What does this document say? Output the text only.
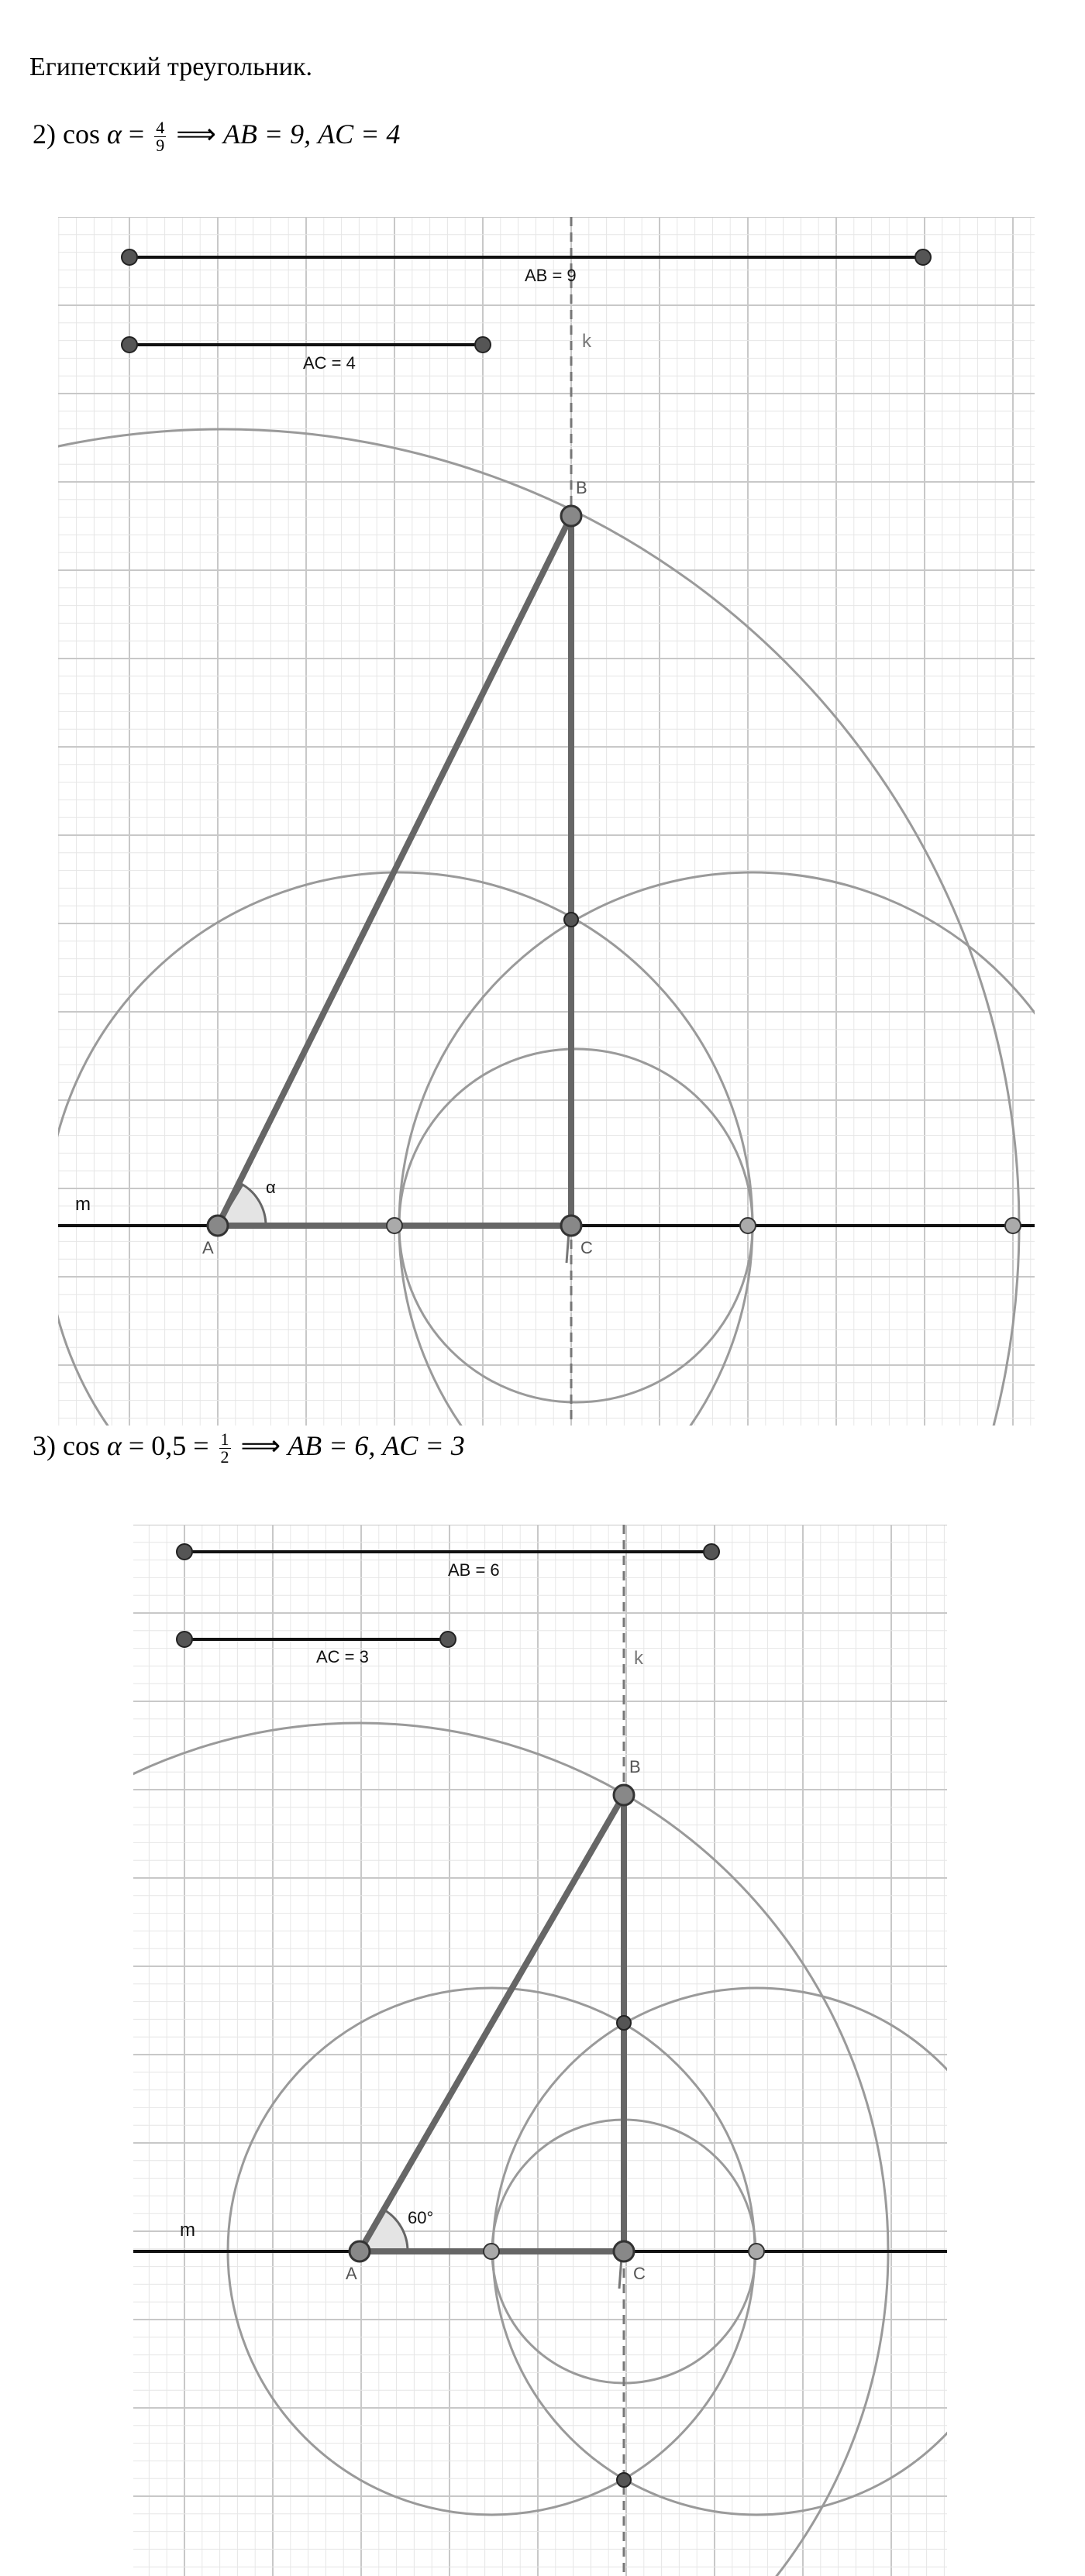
Египетский треугольник.
2) $\cos \alpha = \frac{4}{9}$ ⟹ AB = 9, AC = 4
AB = 9
AC = 4
k
m
A
B
C
α
3) $\cos \alpha = 0,5 = \frac{1}{2}$ ⟹ AB = 6, AC = 3
AB = 6
AC = 3	k
m
A
B
C
60°
